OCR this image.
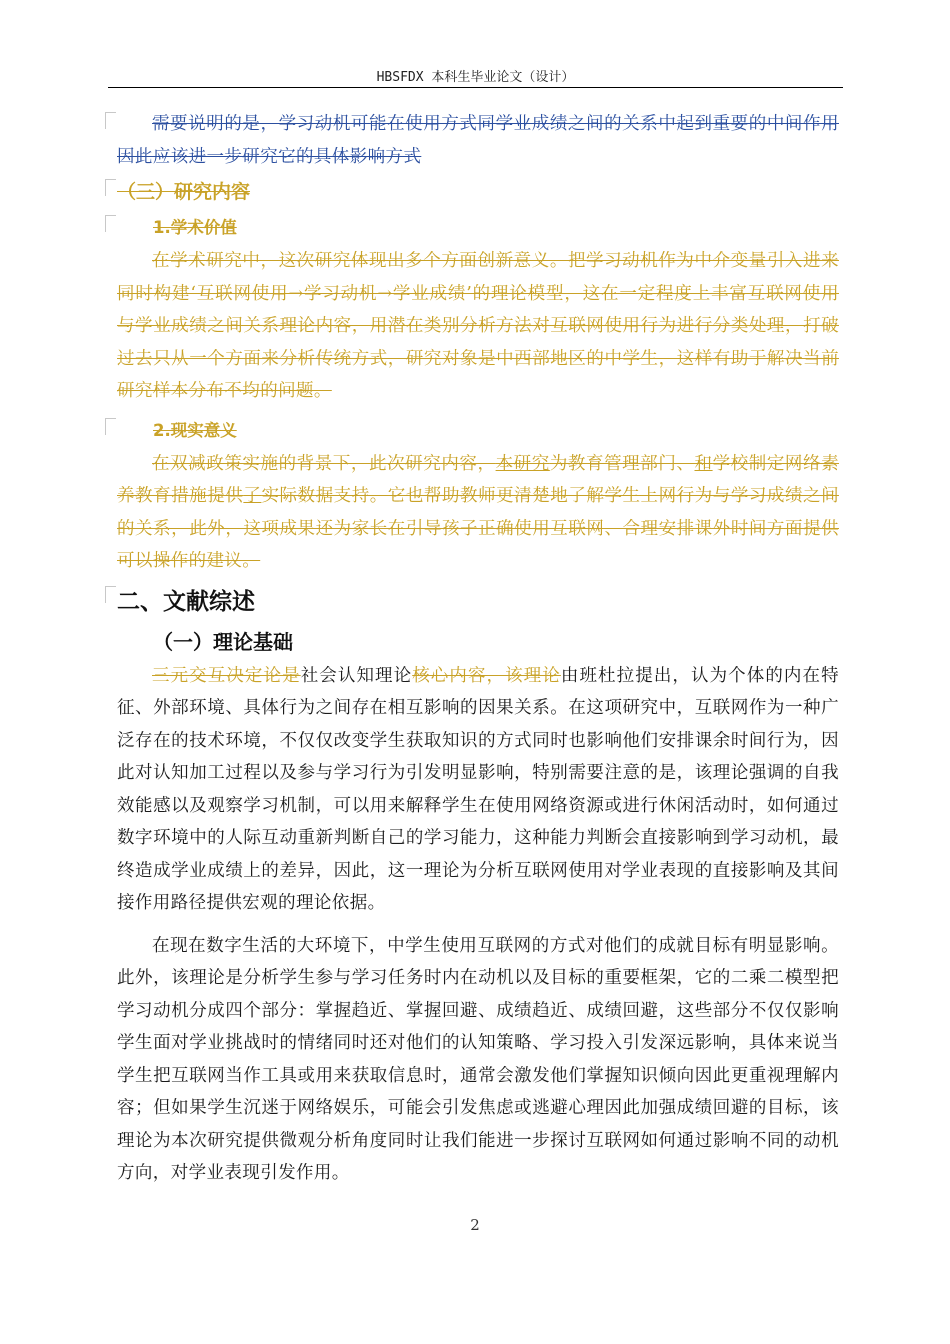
HBSFDX 本科生毕业论文（设计）

需要说明的是，学习动机可能在使用方式同学业成绩之间的关系中起到重要的中间作用因此应该进一步研究它的具体影响方式

（三）研究内容
1.学术价值

在学术研究中，这次研究体现出多个方面创新意义。把学习动机作为中介变量引入进来同时构建‘互联网使用→学习动机→学业成绩’的理论模型，这在一定程度上丰富互联网使用与学业成绩之间关系理论内容，用潜在类别分析方法对互联网使用行为进行分类处理，打破过去只从一个方面来分析传统方式，研究对象是中西部地区的中学生，这样有助于解决当前研究样本分布不均的问题。

2.现实意义

在双减政策实施的背景下，此次研究内容，本研究为教育管理部门、和学校制定网络素养教育措施提供了实际数据支持。它也帮助教师更清楚地了解学生上网行为与学习成绩之间的关系，此外，这项成果还为家长在引导孩子正确使用互联网、合理安排课外时间方面提供可以操作的建议。

二、文献综述
（一）理论基础

三元交互决定论是社会认知理论核心内容，该理论由班杜拉提出，认为个体的内在特征、外部环境、具体行为之间存在相互影响的因果关系。在这项研究中，互联网作为一种广泛存在的技术环境，不仅仅改变学生获取知识的方式同时也影响他们安排课余时间行为，因此对认知加工过程以及参与学习行为引发明显影响，特别需要注意的是，该理论强调的自我效能感以及观察学习机制，可以用来解释学生在使用网络资源或进行休闲活动时，如何通过数字环境中的人际互动重新判断自己的学习能力，这种能力判断会直接影响到学习动机，最终造成学业成绩上的差异，因此，这一理论为分析互联网使用对学业表现的直接影响及其间接作用路径提供宏观的理论依据。

在现在数字生活的大环境下，中学生使用互联网的方式对他们的成就目标有明显影响。此外，该理论是分析学生参与学习任务时内在动机以及目标的重要框架，它的二乘二模型把学习动机分成四个部分：掌握趋近、掌握回避、成绩趋近、成绩回避，这些部分不仅仅影响学生面对学业挑战时的情绪同时还对他们的认知策略、学习投入引发深远影响，具体来说当学生把互联网当作工具或用来获取信息时，通常会激发他们掌握知识倾向因此更重视理解内容；但如果学生沉迷于网络娱乐，可能会引发焦虑或逃避心理因此加强成绩回避的目标，该理论为本次研究提供微观分析角度同时让我们能进一步探讨互联网如何通过影响不同的动机方向，对学业表现引发作用。

2
